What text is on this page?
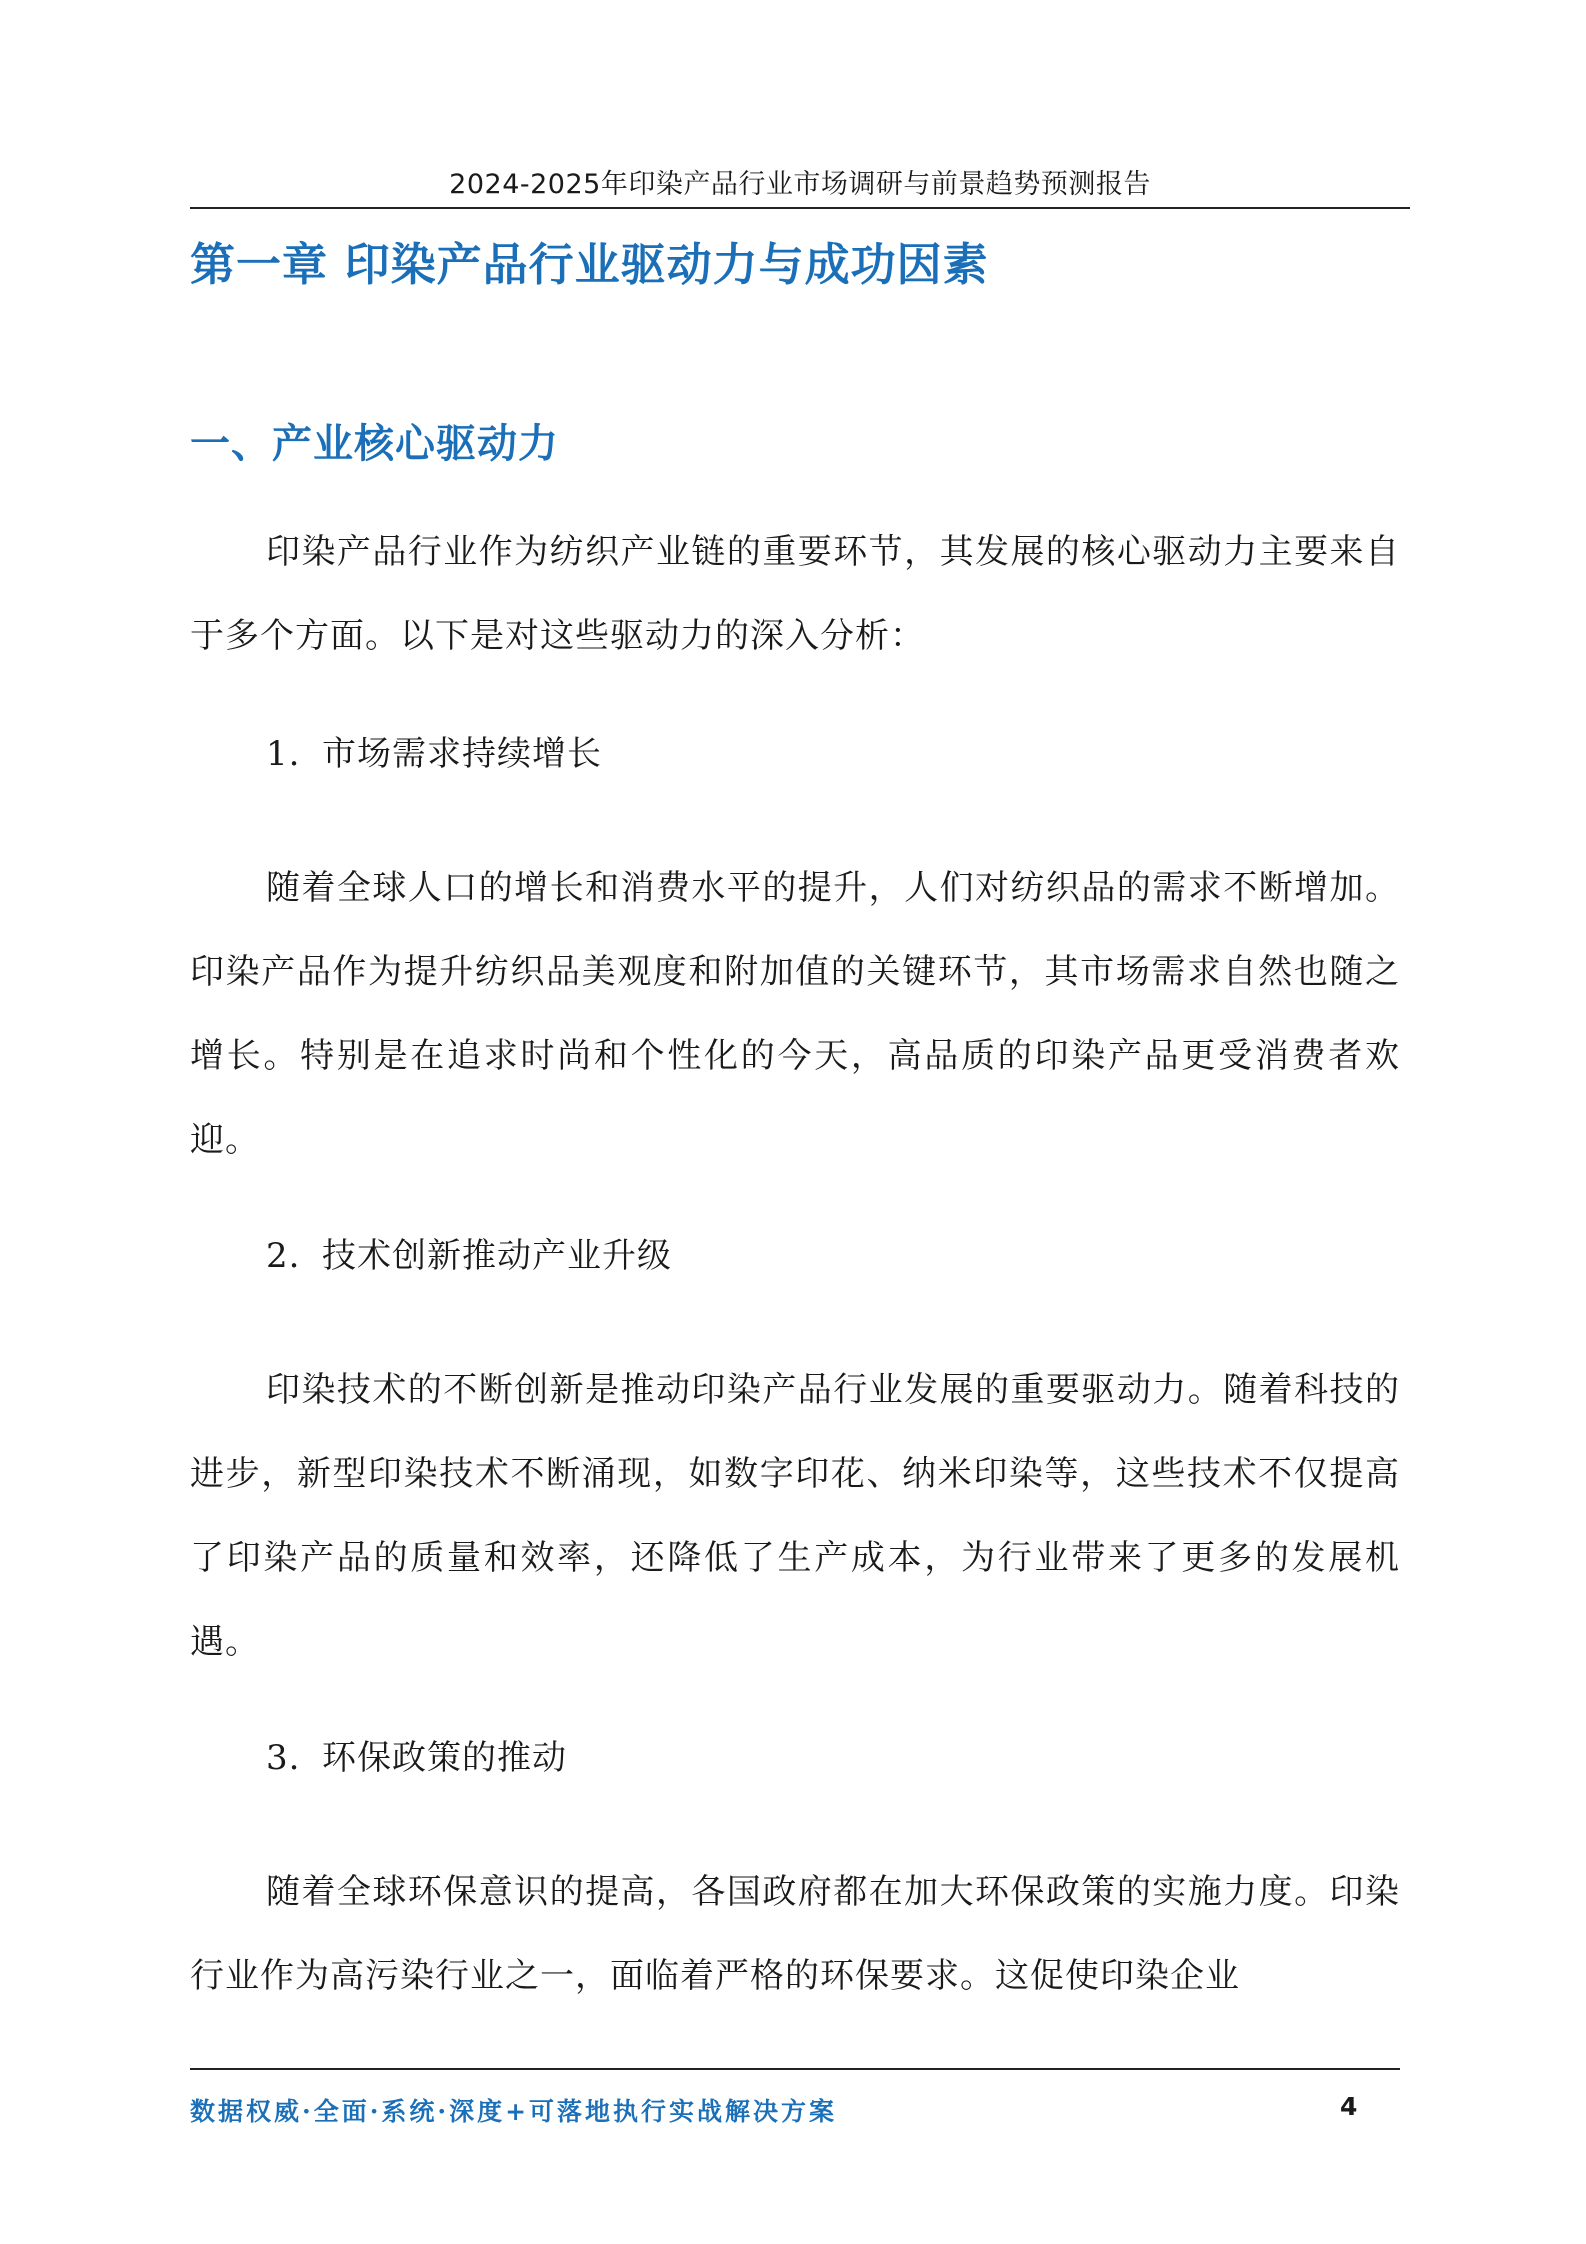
2024-2025年印染产品行业市场调研与前景趋势预测报告
第一章 印染产品行业驱动力与成功因素
一、产业核心驱动力

印染产品行业作为纺织产业链的重要环节，其发展的核心驱动力主要来自于多个方面。以下是对这些驱动力的深入分析：

1. 市场需求持续增长

随着全球人口的增长和消费水平的提升，人们对纺织品的需求不断增加。印染产品作为提升纺织品美观度和附加值的关键环节，其市场需求自然也随之增长。特别是在追求时尚和个性化的今天，高品质的印染产品更受消费者欢迎。

2. 技术创新推动产业升级

印染技术的不断创新是推动印染产品行业发展的重要驱动力。随着科技的进步，新型印染技术不断涌现，如数字印花、纳米印染等，这些技术不仅提高了印染产品的质量和效率，还降低了生产成本，为行业带来了更多的发展机遇。

3. 环保政策的推动

随着全球环保意识的提高，各国政府都在加大环保政策的实施力度。印染行业作为高污染行业之一，面临着严格的环保要求。这促使印染企业

数据权威·全面·系统·深度+可落地执行实战解决方案	4
